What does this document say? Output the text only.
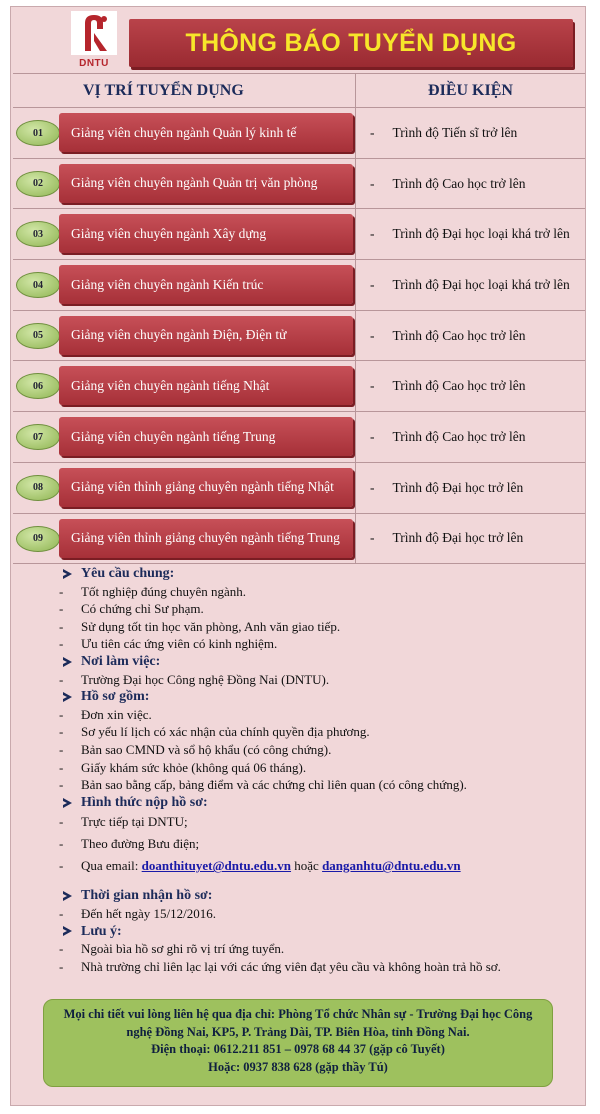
DNTU
THÔNG BÁO TUYỂN DỤNG
VỊ TRÍ TUYỂN DỤNG	ĐIỀU KIỆN
01	Giảng viên chuyên ngành Quản lý kinh tế	- Trình độ Tiến sĩ trở lên
02	Giảng viên chuyên ngành Quản trị văn phòng	- Trình độ Cao học trở lên
03	Giảng viên chuyên ngành Xây dựng	- Trình độ Đại học loại khá trở lên
04	Giảng viên chuyên ngành Kiến trúc	- Trình độ Đại học loại khá trở lên
05	Giảng viên chuyên ngành Điện, Điện tử	- Trình độ Cao học trở lên
06	Giảng viên chuyên ngành tiếng Nhật	- Trình độ Cao học trở lên
07	Giảng viên chuyên ngành tiếng Trung	- Trình độ Cao học trở lên
08	Giảng viên thỉnh giảng chuyên ngành tiếng Nhật	- Trình độ Đại học trở lên
09	Giảng viên thỉnh giảng chuyên ngành tiếng Trung	- Trình độ Đại học trở lên
Yêu cầu chung:
-	Tốt nghiệp đúng chuyên ngành.
-	Có chứng chỉ Sư phạm.
-	Sử dụng tốt tin học văn phòng, Anh văn giao tiếp.
-	Ưu tiên các ứng viên có kinh nghiệm.
Nơi làm việc:
-	Trường Đại học Công nghệ Đồng Nai (DNTU).
Hồ sơ gồm:
-	Đơn xin việc.
-	Sơ yếu lí lịch có xác nhận của chính quyền địa phương.
-	Bản sao CMND và sổ hộ khẩu (có công chứng).
-	Giấy khám sức khỏe (không quá 06 tháng).
-	Bản sao bằng cấp, bảng điểm và các chứng chỉ liên quan (có công chứng).
Hình thức nộp hồ sơ:
-	Trực tiếp tại DNTU;
-	Theo đường Bưu điện;
-	Qua email: doanthituyet@dntu.edu.vn hoặc danganhtu@dntu.edu.vn
Thời gian nhận hồ sơ:
-	Đến hết ngày 15/12/2016.
Lưu ý:
-	Ngoài bìa hồ sơ ghi rõ vị trí ứng tuyển.
-	Nhà trường chỉ liên lạc lại với các ứng viên đạt yêu cầu và không hoàn trả hồ sơ.
Mọi chi tiết vui lòng liên hệ qua địa chỉ: Phòng Tổ chức Nhân sự - Trường Đại học Công
nghệ Đồng Nai, KP5, P. Trảng Dài, TP. Biên Hòa, tỉnh Đồng Nai.
Điện thoại: 0612.211 851 – 0978 68 44 37 (gặp cô Tuyết)
Hoặc: 0937 838 628 (gặp thầy Tú)
